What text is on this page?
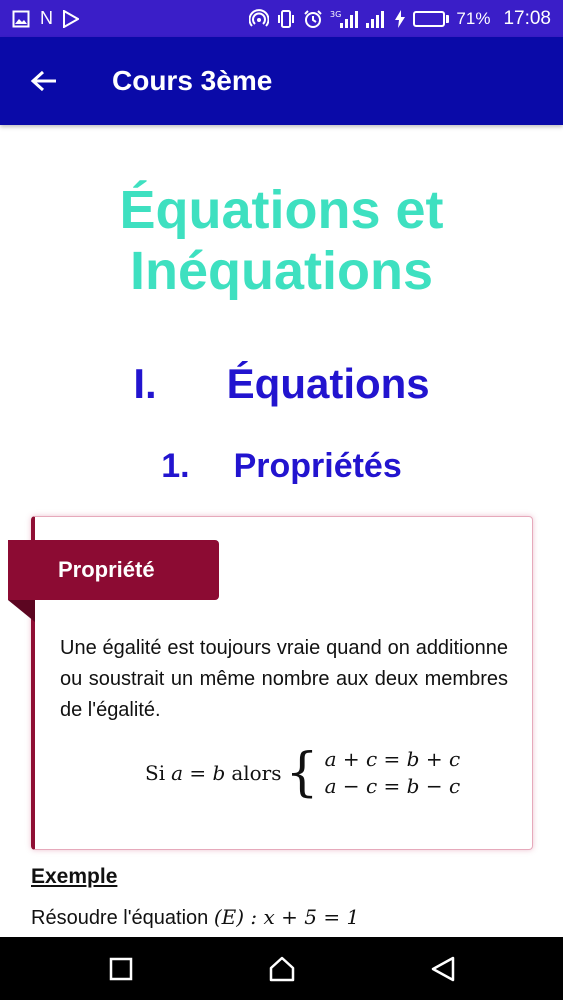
N	3G	71% 17:08
Cours 3ème
Équations et
Inéquations
I. Équations
1. Propriétés
Propriété
Une égalité est toujours vraie quand on additionne ou soustrait un même nombre aux deux membres de l'égalité.
Si a = b alors { a + c = b + c
a − c = b − c
Exemple
Résoudre l'équation (E) : x + 5 = 1
